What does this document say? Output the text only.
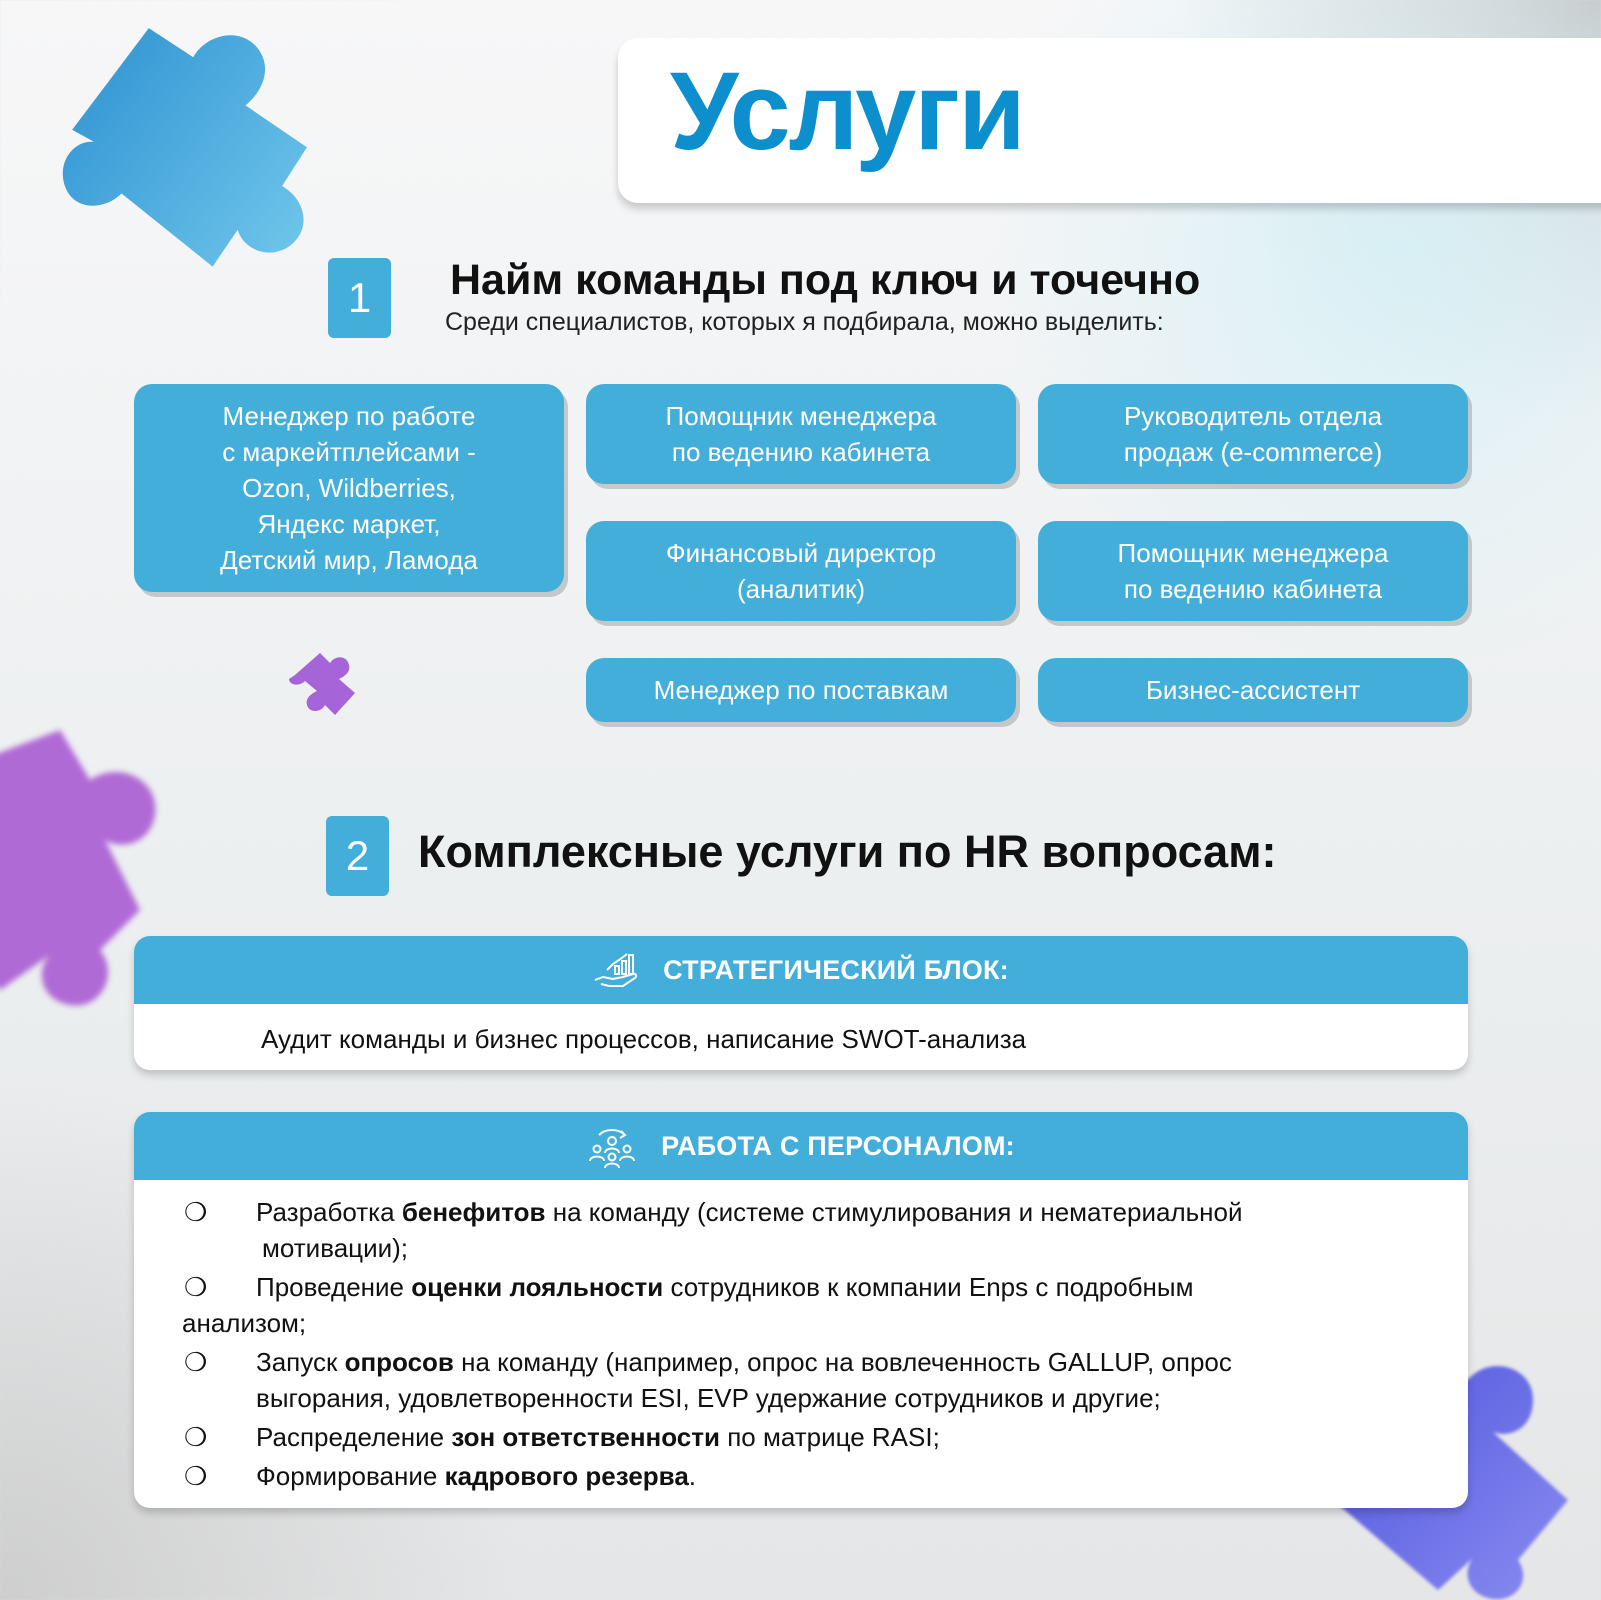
Услуги
1	Найм команды под ключ и точечно
Среди специалистов, которых я подбирала, можно выделить:
Менеджер по работе
с маркейтплейсами -
Ozon, Wildberries,
Яндекс маркет,
Детский мир, Ламода
Помощник менеджера
по ведению кабинета
Руководитель отдела
продаж (e-commerce)
Финансовый директор
(аналитик)
Помощник менеджера
по ведению кабинета
Менеджер по поставкам	Бизнес-ассистент
2	Комплексные услуги по HR вопросам:
СТРАТЕГИЧЕСКИЙ БЛОК:
Аудит команды и бизнес процессов, написание SWOT-анализа
РАБОТА С ПЕРСОНАЛОМ:
❍ Разработка бенефитов на команду (системе стимулирования и нематериальной
мотивации);
❍ Проведение оценки лояльности сотрудников к компании Enps с подробным
анализом;
❍ Запуск опросов на команду (например, опрос на вовлеченность GALLUP, опрос
выгорания, удовлетворенности ESI, EVP удержание сотрудников и другие;
❍ Распределение зон ответственности по матрице RASI;
❍ Формирование кадрового резерва.
